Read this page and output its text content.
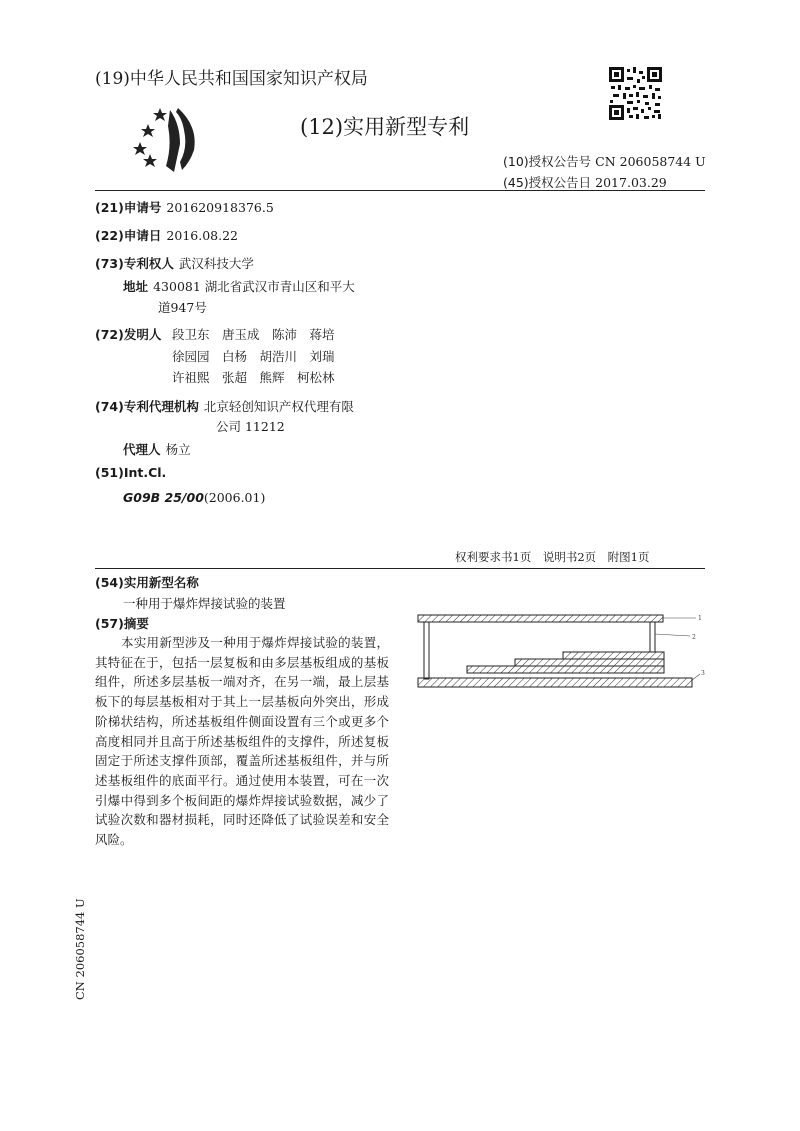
(19)中华人民共和国国家知识产权局
(12)实用新型专利
(10)授权公告号 CN 206058744 U
(45)授权公告日 2017.03.29
(21)申请号 201620918376.5
(22)申请日 2016.08.22
(73)专利权人 武汉科技大学
地址 430081 湖北省武汉市青山区和平大
道947号
(72)发明人 段卫东　唐玉成　陈沛　蒋培
徐园园　白杨　胡浩川　刘瑞
许祖熙　张超　熊辉　柯松林
(74)专利代理机构 北京轻创知识产权代理有限
公司 11212
代理人 杨立
(51)Int.Cl.
G09B 25/00(2006.01)
权利要求书1页　说明书2页　附图1页
(54)实用新型名称
一种用于爆炸焊接试验的装置
(57)摘要
本实用新型涉及一种用于爆炸焊接试验的装置，其特征在于，包括一层复板和由多层基板组成的基板组件，所述多层基板一端对齐，在另一端，最上层基板下的每层基板相对于其上一层基板向外突出，形成阶梯状结构，所述基板组件侧面设置有三个或更多个高度相同并且高于所述基板组件的支撑件，所述复板固定于所述支撑件顶部，覆盖所述基板组件，并与所述基板组件的底面平行。通过使用本装置，可在一次引爆中得到多个板间距的爆炸焊接试验数据，减少了试验次数和器材损耗，同时还降低了试验误差和安全风险。
1
2
3
CN 206058744 U
